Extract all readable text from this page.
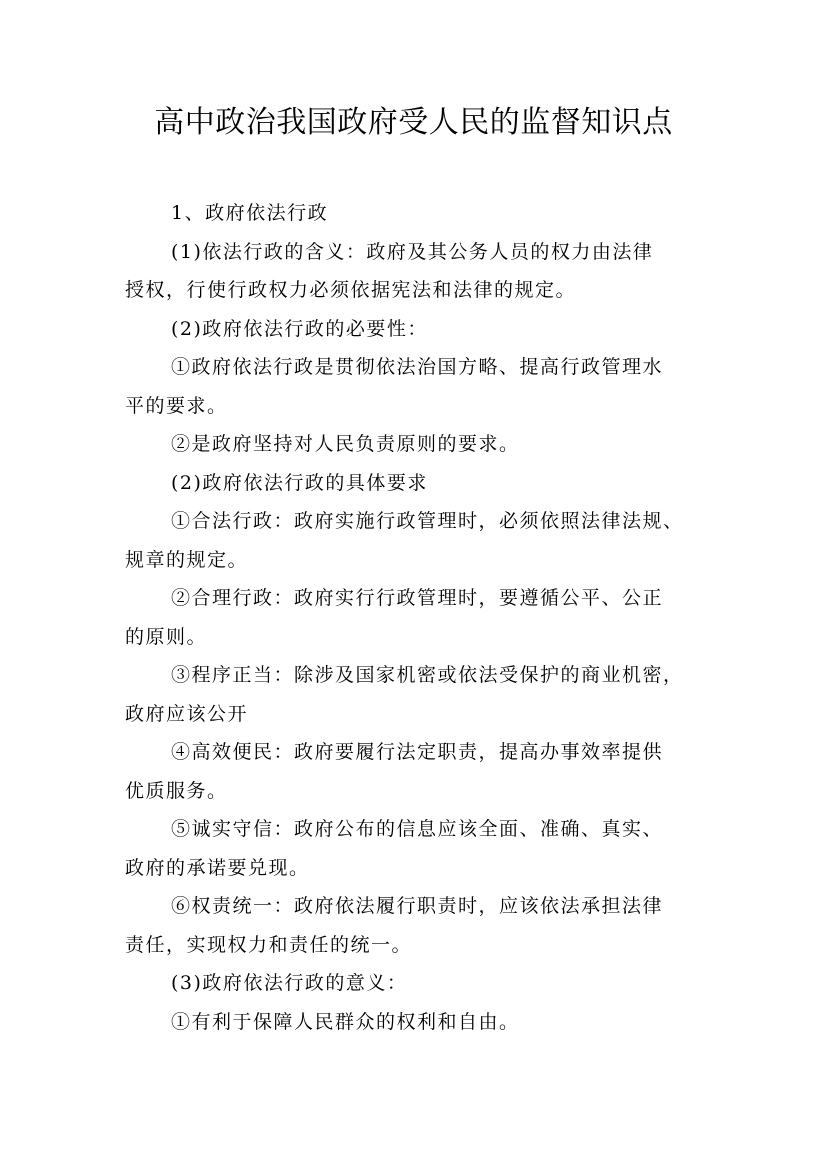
高中政治我国政府受人民的监督知识点
1、政府依法行政
(1)依法行政的含义：政府及其公务人员的权力由法律
授权，行使行政权力必须依据宪法和法律的规定。
(2)政府依法行政的必要性：
①政府依法行政是贯彻依法治国方略、提高行政管理水
平的要求。
②是政府坚持对人民负责原则的要求。
(2)政府依法行政的具体要求
①合法行政：政府实施行政管理时，必须依照法律法规、
规章的规定。
②合理行政：政府实行行政管理时，要遵循公平、公正
的原则。
③程序正当：除涉及国家机密或依法受保护的商业机密，
政府应该公开
④高效便民：政府要履行法定职责，提高办事效率提供
优质服务。
⑤诚实守信：政府公布的信息应该全面、准确、真实、
政府的承诺要兑现。
⑥权责统一：政府依法履行职责时，应该依法承担法律
责任，实现权力和责任的统一。
(3)政府依法行政的意义：
①有利于保障人民群众的权利和自由。
